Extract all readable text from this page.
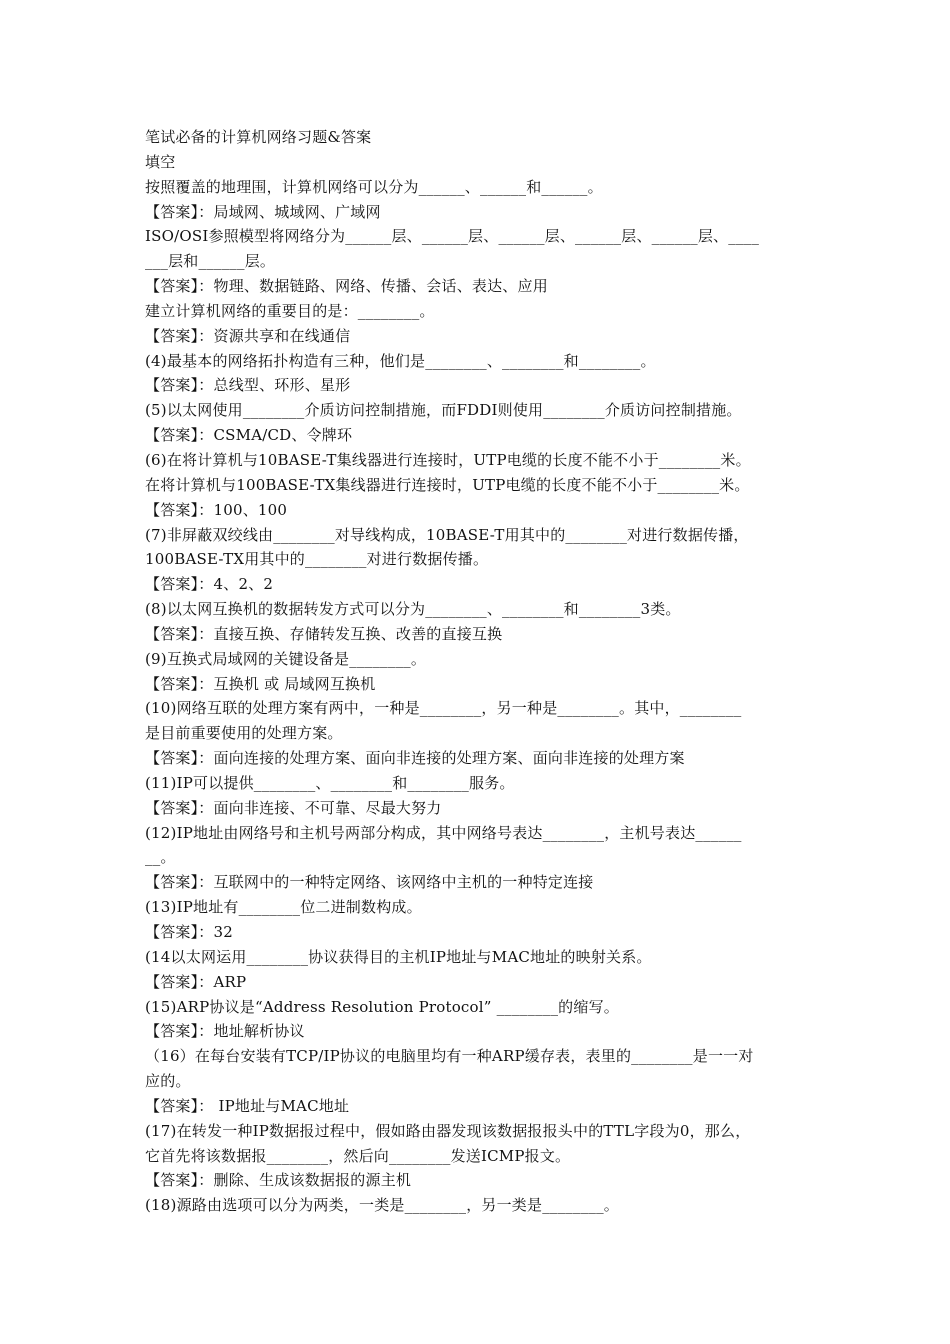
笔试必备的计算机网络习题&答案
填空
按照覆盖的地理围，计算机网络可以分为______、______和______。
【答案】：局域网、城域网、广域网
ISO/OSI参照模型将网络分为______层、______层、______层、______层、______层、____
___层和______层。
【答案】：物理、数据链路、网络、传播、会话、表达、应用
建立计算机网络的重要目的是：________。
【答案】：资源共享和在线通信
(4)最基本的网络拓扑构造有三种，他们是________、________和________。
【答案】：总线型、环形、星形
(5)以太网使用________介质访问控制措施，而FDDI则使用________介质访问控制措施。
【答案】：CSMA/CD、令牌环
(6)在将计算机与10BASE-T集线器进行连接时，UTP电缆的长度不能不小于________米。
在将计算机与100BASE-TX集线器进行连接时，UTP电缆的长度不能不小于________米。
【答案】：100、100
(7)非屏蔽双绞线由________对导线构成，10BASE-T用其中的________对进行数据传播，
100BASE-TX用其中的________对进行数据传播。
【答案】：4、2、2
(8)以太网互换机的数据转发方式可以分为________、________和________3类。
【答案】：直接互换、存储转发互换、改善的直接互换
(9)互换式局域网的关键设备是________。
【答案】：互换机 或 局域网互换机
(10)网络互联的处理方案有两中，一种是________，另一种是________。其中，________
是目前重要使用的处理方案。
【答案】：面向连接的处理方案、面向非连接的处理方案、面向非连接的处理方案
(11)IP可以提供________、________和________服务。
【答案】：面向非连接、不可靠、尽最大努力
(12)IP地址由网络号和主机号两部分构成，其中网络号表达________，主机号表达______
__。
【答案】：互联网中的一种特定网络、该网络中主机的一种特定连接
(13)IP地址有________位二进制数构成。
【答案】：32
(14以太网运用________协议获得目的主机IP地址与MAC地址的映射关系。
【答案】：ARP
(15)ARP协议是“Address Resolution Protocol” ________的缩写。
【答案】：地址解析协议
（16）在每台安装有TCP/IP协议的电脑里均有一种ARP缓存表，表里的________是一一对
应的。
【答案】： IP地址与MAC地址
(17)在转发一种IP数据报过程中，假如路由器发现该数据报报头中的TTL字段为0，那么，
它首先将该数据报________，然后向________发送ICMP报文。
【答案】：删除、生成该数据报的源主机
(18)源路由选项可以分为两类，一类是________，另一类是________。
